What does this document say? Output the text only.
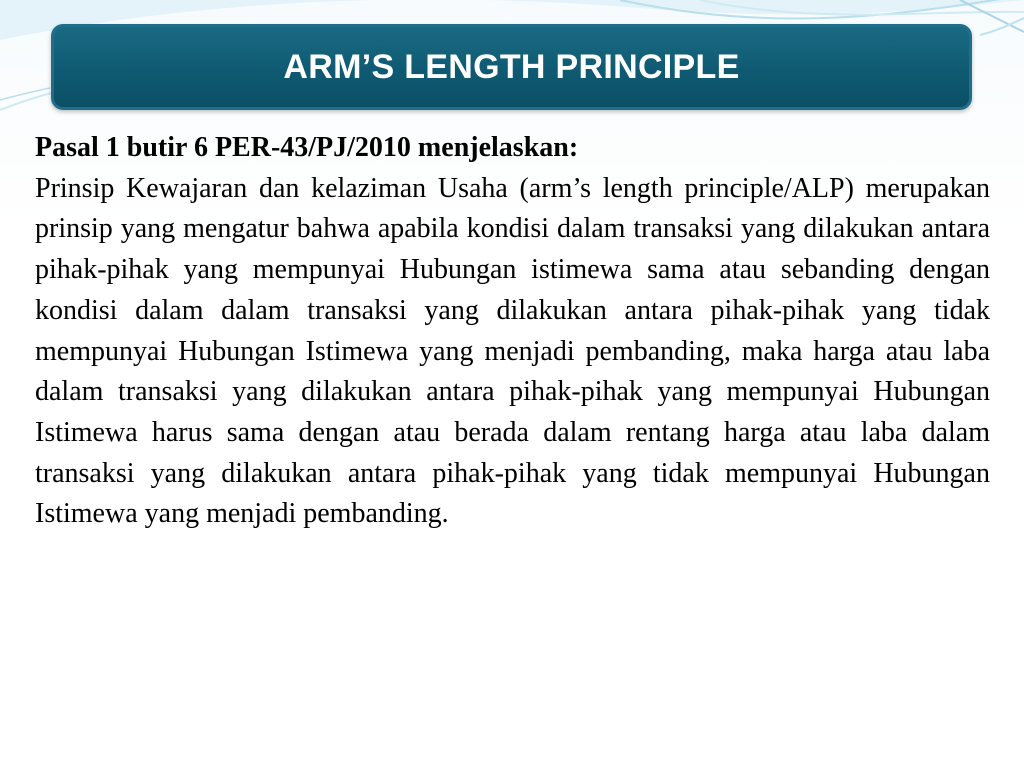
ARM’S LENGTH PRINCIPLE

Pasal 1 butir 6 PER-43/PJ/2010 menjelaskan:

Prinsip Kewajaran dan kelaziman Usaha (arm’s length principle/ALP) merupakan prinsip yang mengatur bahwa apabila kondisi dalam transaksi yang dilakukan antara pihak-pihak yang mempunyai Hubungan istimewa sama atau sebanding dengan kondisi dalam dalam transaksi yang dilakukan antara pihak-pihak yang tidak mempunyai Hubungan Istimewa yang menjadi pembanding, maka harga atau laba dalam transaksi yang dilakukan antara pihak-pihak yang mempunyai Hubungan Istimewa harus sama dengan atau berada dalam rentang harga atau laba dalam transaksi yang dilakukan antara pihak-pihak yang tidak mempunyai Hubungan Istimewa yang menjadi pembanding.
